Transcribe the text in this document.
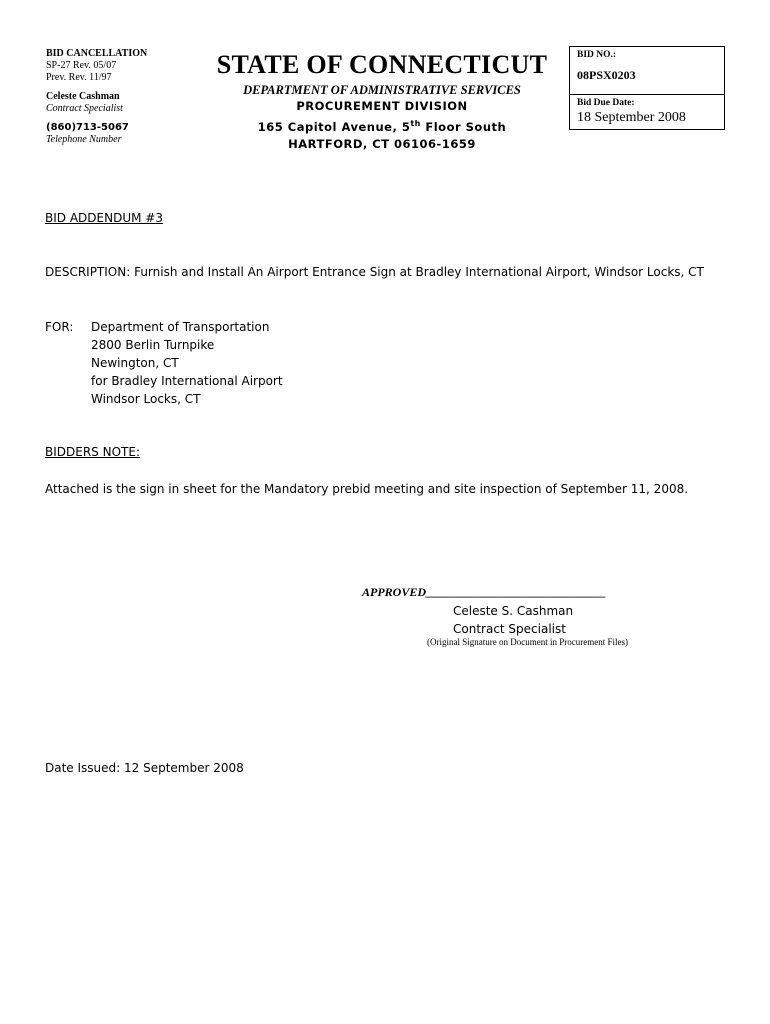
BID CANCELLATION
SP-27 Rev. 05/07
Prev. Rev. 11/97
Celeste Cashman
Contract Specialist
(860)713-5067
Telephone Number
STATE OF CONNECTICUT
DEPARTMENT OF ADMINISTRATIVE SERVICES
PROCUREMENT DIVISION
165 Capitol Avenue, 5th Floor South
HARTFORD, CT 06106-1659
BID NO.:
08PSX0203
Bid Due Date:
18 September 2008
BID ADDENDUM #3
DESCRIPTION: Furnish and Install An Airport Entrance Sign at Bradley International Airport, Windsor Locks, CT
FOR: Department of Transportation
2800 Berlin Turnpike
Newington, CT
for Bradley International Airport
Windsor Locks, CT
BIDDERS NOTE:
Attached is the sign in sheet for the Mandatory prebid meeting and site inspection of September 11, 2008.
APPROVED______________________________
Celeste S. Cashman
Contract Specialist
(Original Signature on Document in Procurement Files)
Date Issued: 12 September 2008
